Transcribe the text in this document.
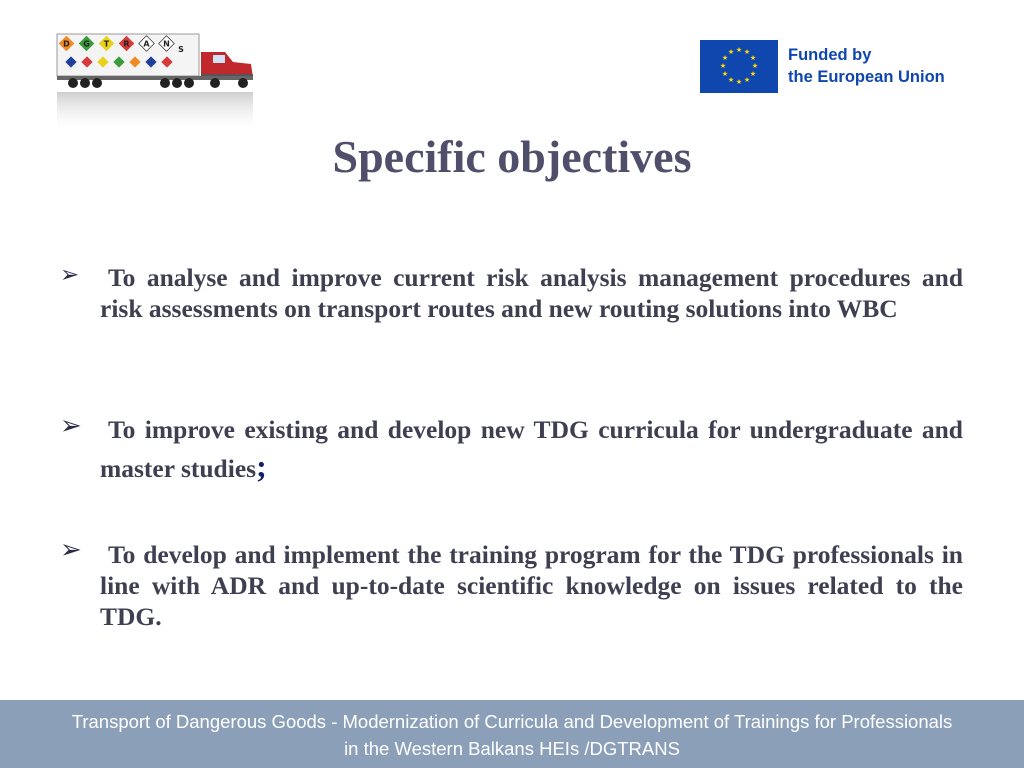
D G T R A N
S	★ ★
★
★
★
★
★
★
★
★
★
★	Funded by
the European Union
Specific objectives
➢	To analyse and improve current risk analysis management procedures and risk assessments on transport routes and new routing solutions into WBC
➢	To improve existing and develop new TDG curricula for undergraduate and master studies;
➢	To develop and implement the training program for the TDG professionals in line with ADR and up-to-date scientific knowledge on issues related to the TDG.
Transport of Dangerous Goods - Modernization of Curricula and Development of Trainings for Professionals
in the Western Balkans HEIs /DGTRANS
